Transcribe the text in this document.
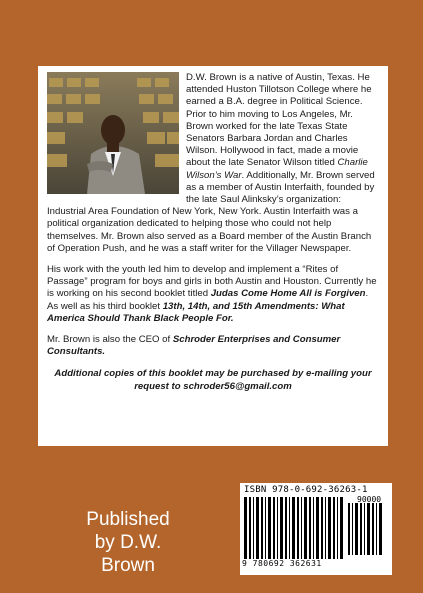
D.W. Brown is a native of Austin, Texas. He attended Huston Tillotson College where he earned a B.A. degree in Political Science. Prior to him moving to Los Angeles, Mr. Brown worked for the late Texas State Senators Barbara Jordan and Charles Wilson. Hollywood in fact, made a movie about the late Senator Wilson titled Charlie Wilson’s War. Additionally, Mr. Brown served as a member of Austin Interfaith, founded by the late Saul Alinksky’s organization: Industrial Area Foundation of New York, New York. Austin Interfaith was a political organization dedicated to helping those who could not help themselves. Mr. Brown also served as a Board member of the Austin Branch of Operation Push, and he was a staff writer for the Villager Newspaper.

His work with the youth led him to develop and implement a “Rites of Passage” program for boys and girls in both Austin and Houston. Currently he is working on his second booklet titled Judas Come Home All is Forgiven. As well as his third booklet 13th, 14th, and 15th Amendments: What America Should Thank Black People For.

Mr. Brown is also the CEO of Schroder Enterprises and Consumer Consultants.

Additional copies of this booklet may be purchased by e-mailing your request to schroder56@gmail.com

Published by D.W. Brown
ISBN 978-0-692-36263-1
90000
9 780692 362631
